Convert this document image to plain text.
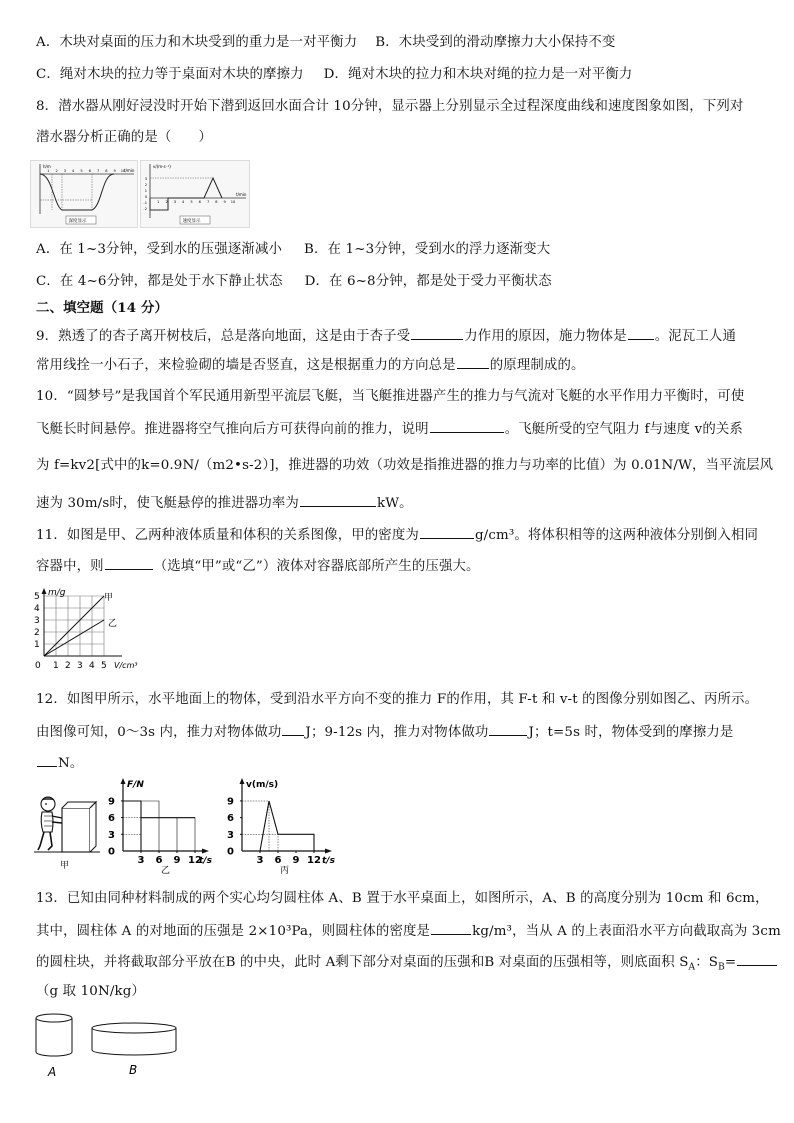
A．木块对桌面的压力和木块受到的重力是一对平衡力 B．木块受到的滑动摩擦力大小保持不变
C．绳对木块的拉力等于桌面对木块的摩擦力 D．绳对木块的拉力和木块对绳的拉力是一对平衡力
8．潜水器从刚好浸没时开始下潜到返回水面合计 10分钟，显示器上分别显示全过程深度曲线和速度图象如图，下列对
潜水器分析正确的是（　　）
h/m
t/min
1 2 3 4 5 6 7 8 9 10
深度显示
v/(m·s⁻¹)
t/min
1 2 3 4 5 6 7 8 9 10
3
2
1
0
-1
-2
速度显示
A．在 1~3分钟，受到水的压强逐渐减小 B．在 1~3分钟，受到水的浮力逐渐变大
C．在 4~6分钟，都是处于水下静止状态 D．在 6~8分钟，都是处于受力平衡状态
二、填空题（14 分）
9．熟透了的杏子离开树枝后，总是落向地面，这是由于杏子受	力作用的原因，施力物体是 。泥瓦工人通
常用线拴一小石子，来检验砌的墙是否竖直，这是根据重力的方向总是	的原理制成的。
10．“圆梦号”是我国首个军民通用新型平流层飞艇，当飞艇推进器产生的推力与气流对飞艇的水平作用力平衡时，可使
飞艇长时间悬停。推进器将空气推向后方可获得向前的推力，说明	。飞艇所受的空气阻力 f与速度 v的关系
为 f=kv2[式中的k=0.9N/（m2•s-2）]，推进器的功效（功效是指推进器的推力与功率的比值）为 0.01N/W，当平流层风
速为 30m/s时，使飞艇悬停的推进器功率为	kW。
11．如图是甲、乙两种液体质量和体积的关系图像，甲的密度为	g/cm³。将体积相等的这两种液体分别倒入相同
容器中，则	（选填“甲”或“乙”）液体对容器底部所产生的压强大。
m/g
1
2
3
4
5
0 1 2 3 4 5 V/cm³
甲
乙
12．如图甲所示，水平地面上的物体，受到沿水平方向不变的推力 F的作用，其 F-t 和 v-t 的图像分别如图乙、丙所示。
由图像可知，0～3s 内，推力对物体做功 J；9-12s 内，推力对物体做功	J；t=5s 时，物体受到的摩擦力是
N。
甲
F/N
t/s
9
6
3
0
3 6 9 12
乙
v(m/s)
t/s
9
6
3
0
3 6 9 12
丙
13．已知由同种材料制成的两个实心均匀圆柱体 A、B 置于水平桌面上，如图所示，A、B 的高度分别为 10cm 和 6cm，
其中，圆柱体 A 的对地面的压强是 2×10³Pa，则圆柱体的密度是	kg/m³，当从 A 的上表面沿水平方向截取高为 3cm
的圆柱块，并将截取部分平放在B 的中央，此时 A剩下部分对桌面的压强和B 对桌面的压强相等，则底面积 $S_A$：$S_B=$
（g 取 10N/kg）
A	B
